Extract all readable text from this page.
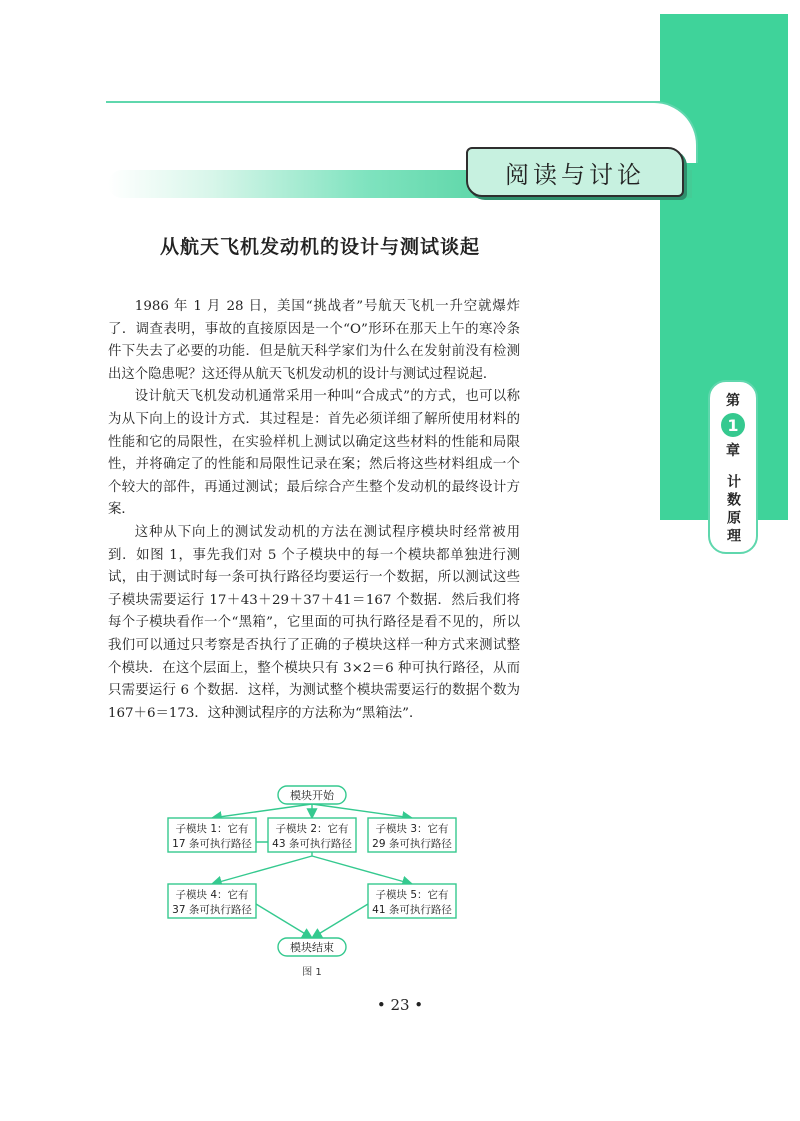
阅读与讨论
第
1
章
计数原理
从航天飞机发动机的设计与测试谈起

1986 年 1 月 28 日，美国“挑战者”号航天飞机一升空就爆炸了．调查表明，事故的直接原因是一个“O”形环在那天上午的寒冷条件下失去了必要的功能．但是航天科学家们为什么在发射前没有检测出这个隐患呢？这还得从航天飞机发动机的设计与测试过程说起．

设计航天飞机发动机通常采用一种叫“合成式”的方式，也可以称为从下向上的设计方式．其过程是：首先必须详细了解所使用材料的性能和它的局限性，在实验样机上测试以确定这些材料的性能和局限性，并将确定了的性能和局限性记录在案；然后将这些材料组成一个个较大的部件，再通过测试；最后综合产生整个发动机的最终设计方案．

这种从下向上的测试发动机的方法在测试程序模块时经常被用到．如图 1，事先我们对 5 个子模块中的每一个模块都单独进行测试，由于测试时每一条可执行路径均要运行一个数据，所以测试这些子模块需要运行 17＋43＋29＋37＋41＝167 个数据．然后我们将每个子模块看作一个“黑箱”，它里面的可执行路径是看不见的，所以我们可以通过只考察是否执行了正确的子模块这样一种方式来测试整个模块．在这个层面上，整个模块只有 3×2＝6 种可执行路径，从而只需要运行 6 个数据．这样，为测试整个模块需要运行的数据个数为 167＋6＝173．这种测试程序的方法称为“黑箱法”．

模块开始
子模块 1：它有
17 条可执行路径
子模块 2：它有
43 条可执行路径
子模块 3：它有
29 条可执行路径
子模块 4：它有
37 条可执行路径
子模块 5：它有
41 条可执行路径
模块结束
图 1
• 23 •
